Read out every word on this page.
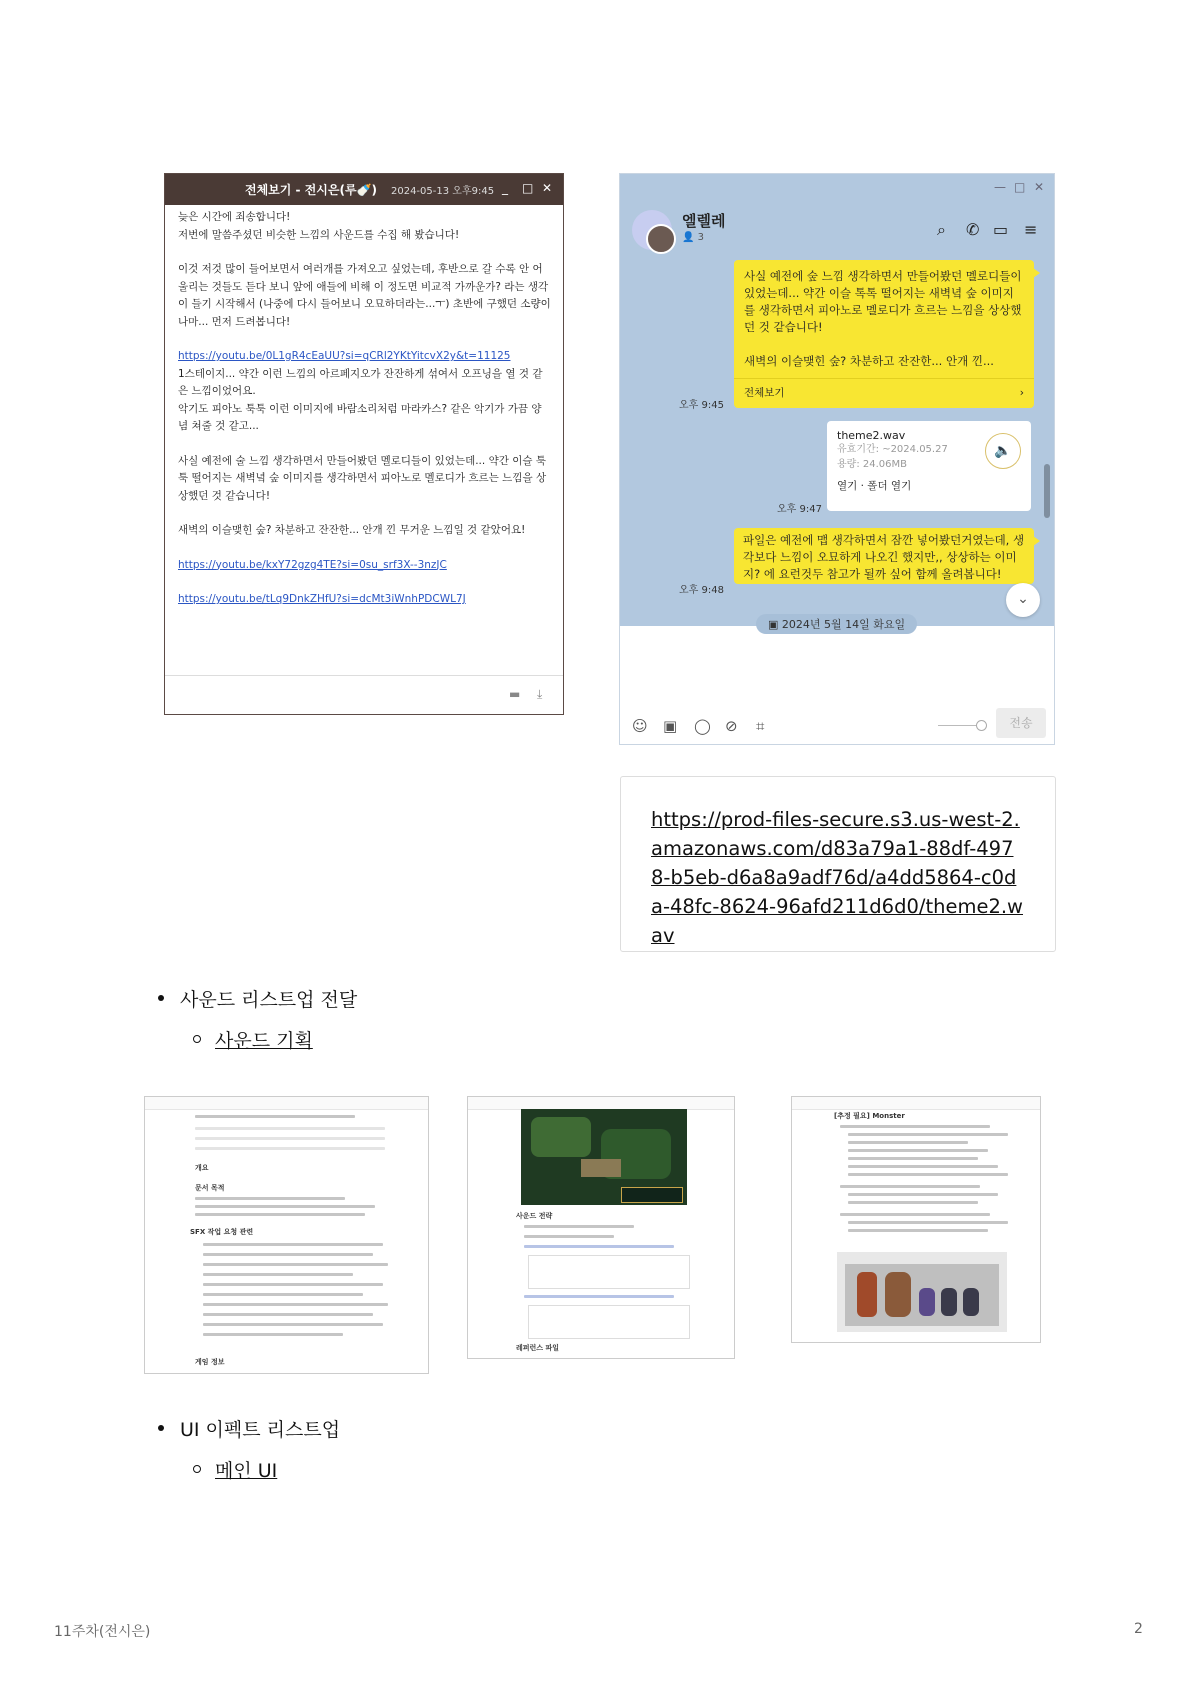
전체보기 - 전시은(루🍼) 2024-05-13 오후9:45 _ □ ✕

늦은 시간에 죄송합니다!
저번에 말씀주셨던 비슷한 느낌의 사운드를 수집 해 봤습니다!

이것 저것 많이 들어보면서 여러개를 가져오고 싶었는데, 후반으로 갈 수록 안 어울리는 것들도 듣다 보니 앞에 애들에 비해 이 정도면 비교적 가까운가? 라는 생각이 들기 시작해서 (나중에 다시 들어보니 오묘하더라는...ㅜ) 초반에 구했던 소량이나마... 먼저 드려봅니다!

https://youtu.be/0L1gR4cEaUU?si=qCRl2YKtYitcvX2y&t=11125

1스테이지... 약간 이런 느낌의 아르페지오가 잔잔하게 섞여서 오프닝을 열 것 같은 느낌이었어요.
악기도 피아노 툭툭 이런 이미지에 바람소리처럼 마라카스? 같은 악기가 가끔 양념 쳐줄 것 같고...

사실 예전에 술 느낌 생각하면서 만들어봤던 멜로디들이 있었는데... 약간 이슬 툭툭 떨어지는 새벽녘 숲 이미지를 생각하면서 피아노로 멜로디가 흐르는 느낌을 상상했던 것 같습니다!

새벽의 이슬맺힌 숲? 차분하고 잔잔한... 안개 낀 무거운 느낌일 것 같았어요!

https://youtu.be/kxY72gzg4TE?si=0su_srf3X--3nzJC

https://youtu.be/tLq9DnkZHfU?si=dcMt3iWnhPDCWL7J

▬ ⤓
— □ ✕
엘렐레
👤 3	⌕ ✆ ▭ ≡
사실 예전에 숲 느낌 생각하면서 만들어봤던 멜로디들이 있었는데... 약간 이슬 톡톡 떨어지는 새벽녘 숲 이미지를 생각하면서 피아노로 멜로디가 흐르는 느낌을 상상했던 것 같습니다!
새벽의 이슬맺힌 숲? 차분하고 잔잔한... 안개 낀...
전체보기	›
오후 9:45
theme2.wav
유효기간: ~2024.05.27
용량: 24.06MB
열기 · 폴더 열기
🔈
오후 9:47
파일은 예전에 맵 생각하면서 잠깐 넣어봤던거였는데, 생각보다 느낌이 오묘하게 나오긴 했지만,, 상상하는 이미지? 에 요런것두 참고가 될까 싶어 함께 올려봅니다!
오후 9:48
⌄
▣ 2024년 5월 14일 화요일
☺ ▣ ◯ ⊘ ⌗	전송
https://prod-files-secure.s3.us-west-2.amazonaws.com/d83a79a1-88df-4978-b5eb-d6a8a9adf76d/a4dd5864-c0da-48fc-8624-96afd211d6d0/theme2.wav
사운드 리스트업 전달
사운드 기획
개요
문서 목적
SFX 작업 요청 관련
게임 정보
사운드 전략
레퍼런스 파일
[추정 필요] Monster
UI 이펙트 리스트업
메인 UI
11주차(전시은)	2
